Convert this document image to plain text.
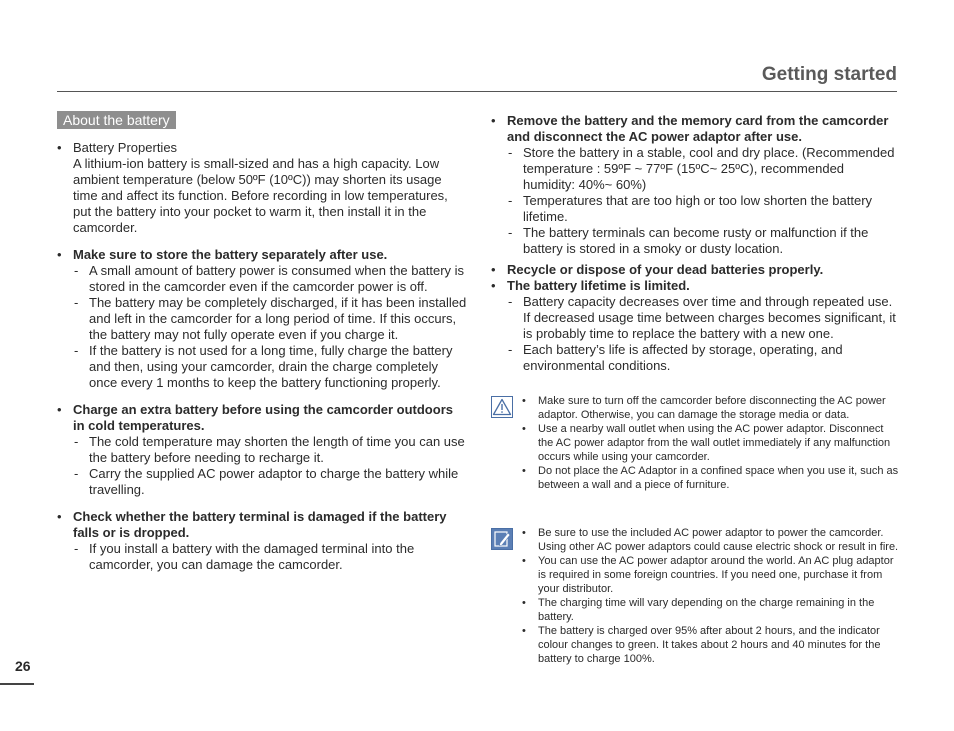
Getting started
About the battery
• Battery Properties
A lithium-ion battery is small-sized and has a high capacity. Low ambient temperature (below 50ºF (10ºC)) may shorten its usage time and affect its function. Before recording in low temperatures, put the battery into your pocket to warm it, then install it in the camcorder.
• Make sure to store the battery separately after use.
- A small amount of battery power is consumed when the battery is stored in the camcorder even if the camcorder power is off.
- The battery may be completely discharged, if it has been installed and left in the camcorder for a long period of time. If this occurs, the battery may not fully operate even if you charge it.
- If the battery is not used for a long time, fully charge the battery and then, using your camcorder, drain the charge completely once every 1 months to keep the battery functioning properly.
• Charge an extra battery before using the camcorder outdoors in cold temperatures.
- The cold temperature may shorten the length of time you can use the battery before needing to recharge it.
- Carry the supplied AC power adaptor to charge the battery while travelling.
• Check whether the battery terminal is damaged if the battery falls or is dropped.
- If you install a battery with the damaged terminal into the camcorder, you can damage the camcorder.
• Remove the battery and the memory card from the camcorder and disconnect the AC power adaptor after use.
- Store the battery in a stable, cool and dry place. (Recommended temperature : 59ºF ~ 77ºF (15ºC~ 25ºC), recommended humidity: 40%~ 60%)
- Temperatures that are too high or too low shorten the battery lifetime.
- The battery terminals can become rusty or malfunction if the battery is stored in a smoky or dusty location.
• Recycle or dispose of your dead batteries properly.
• The battery lifetime is limited.
- Battery capacity decreases over time and through repeated use. If decreased usage time between charges becomes significant, it is probably time to replace the battery with a new one.
- Each battery’s life is affected by storage, operating, and environmental conditions.
• Make sure to turn off the camcorder before disconnecting the AC power adaptor. Otherwise, you can damage the storage media or data.
• Use a nearby wall outlet when using the AC power adaptor. Disconnect the AC power adaptor from the wall outlet immediately if any malfunction occurs while using your camcorder.
• Do not place the AC Adaptor in a confined space when you use it, such as between a wall and a piece of furniture.
• Be sure to use the included AC power adaptor to power the camcorder. Using other AC power adaptors could cause electric shock or result in fire.
• You can use the AC power adaptor around the world. An AC plug adaptor is required in some foreign countries. If you need one, purchase it from your distributor.
• The charging time will vary depending on the charge remaining in the battery.
• The battery is charged over 95% after about 2 hours, and the indicator colour changes to green. It takes about 2 hours and 40 minutes for the battery to charge 100%.
26
